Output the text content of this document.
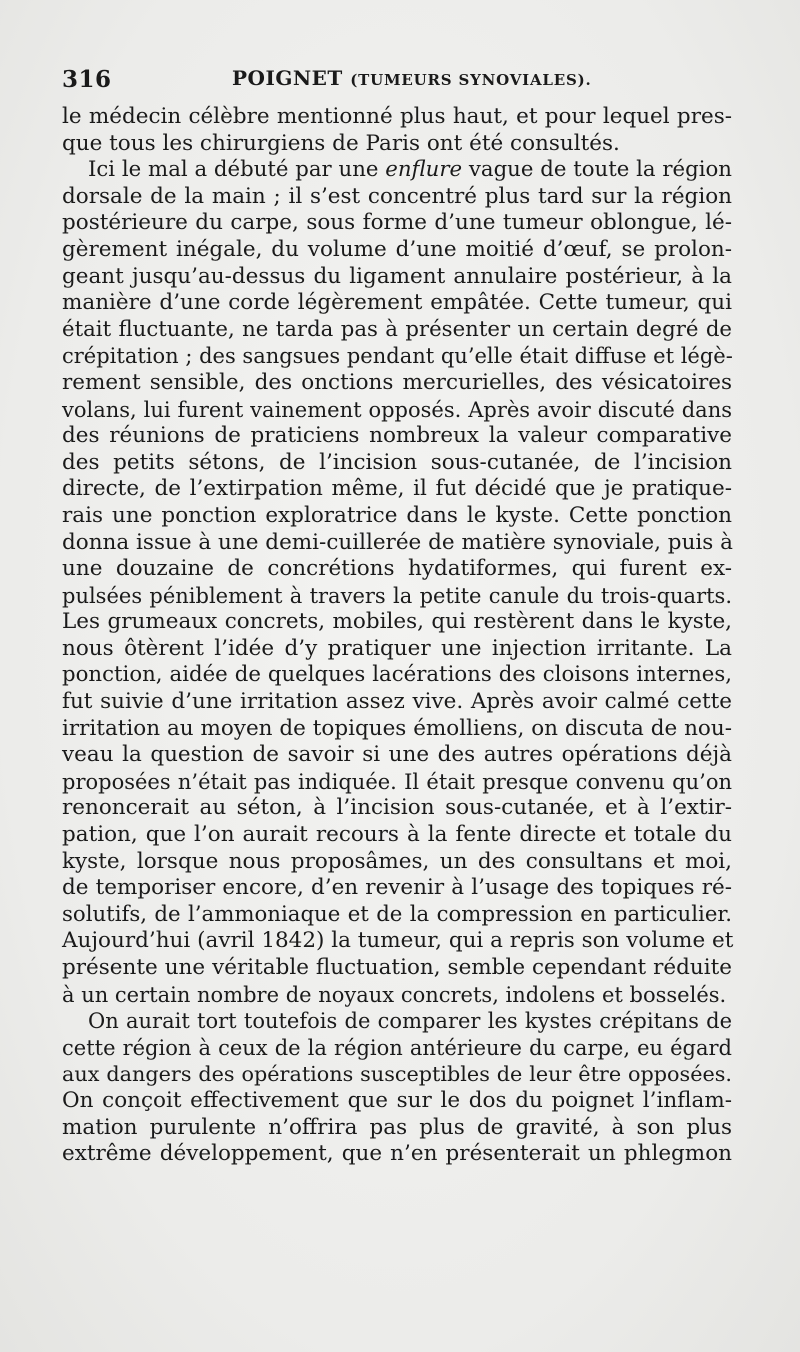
316	POIGNET (TUMEURS SYNOVIALES).
le médecin célèbre mentionné plus haut, et pour lequel pres-
que tous les chirurgiens de Paris ont été consultés.
Ici le mal a débuté par une enflure vague de toute la région
dorsale de la main ; il s’est concentré plus tard sur la région
postérieure du carpe, sous forme d’une tumeur oblongue, lé-
gèrement inégale, du volume d’une moitié d’œuf, se prolon-
geant jusqu’au-dessus du ligament annulaire postérieur, à la
manière d’une corde légèrement empâtée. Cette tumeur, qui
était fluctuante, ne tarda pas à présenter un certain degré de
crépitation ; des sangsues pendant qu’elle était diffuse et légè-
rement sensible, des onctions mercurielles, des vésicatoires
volans, lui furent vainement opposés. Après avoir discuté dans
des réunions de praticiens nombreux la valeur comparative
des petits sétons, de l’incision sous-cutanée, de l’incision
directe, de l’extirpation même, il fut décidé que je pratique-
rais une ponction exploratrice dans le kyste. Cette ponction
donna issue à une demi-cuillerée de matière synoviale, puis à
une douzaine de concrétions hydatiformes, qui furent ex-
pulsées péniblement à travers la petite canule du trois-quarts.
Les grumeaux concrets, mobiles, qui restèrent dans le kyste,
nous ôtèrent l’idée d’y pratiquer une injection irritante. La
ponction, aidée de quelques lacérations des cloisons internes,
fut suivie d’une irritation assez vive. Après avoir calmé cette
irritation au moyen de topiques émolliens, on discuta de nou-
veau la question de savoir si une des autres opérations déjà
proposées n’était pas indiquée. Il était presque convenu qu’on
renoncerait au séton, à l’incision sous-cutanée, et à l’extir-
pation, que l’on aurait recours à la fente directe et totale du
kyste, lorsque nous proposâmes, un des consultans et moi,
de temporiser encore, d’en revenir à l’usage des topiques ré-
solutifs, de l’ammoniaque et de la compression en particulier.
Aujourd’hui (avril 1842) la tumeur, qui a repris son volume et
présente une véritable fluctuation, semble cependant réduite
à un certain nombre de noyaux concrets, indolens et bosselés.
On aurait tort toutefois de comparer les kystes crépitans de
cette région à ceux de la région antérieure du carpe, eu égard
aux dangers des opérations susceptibles de leur être opposées.
On conçoit effectivement que sur le dos du poignet l’inflam-
mation purulente n’offrira pas plus de gravité, à son plus
extrême développement, que n’en présenterait un phlegmon
